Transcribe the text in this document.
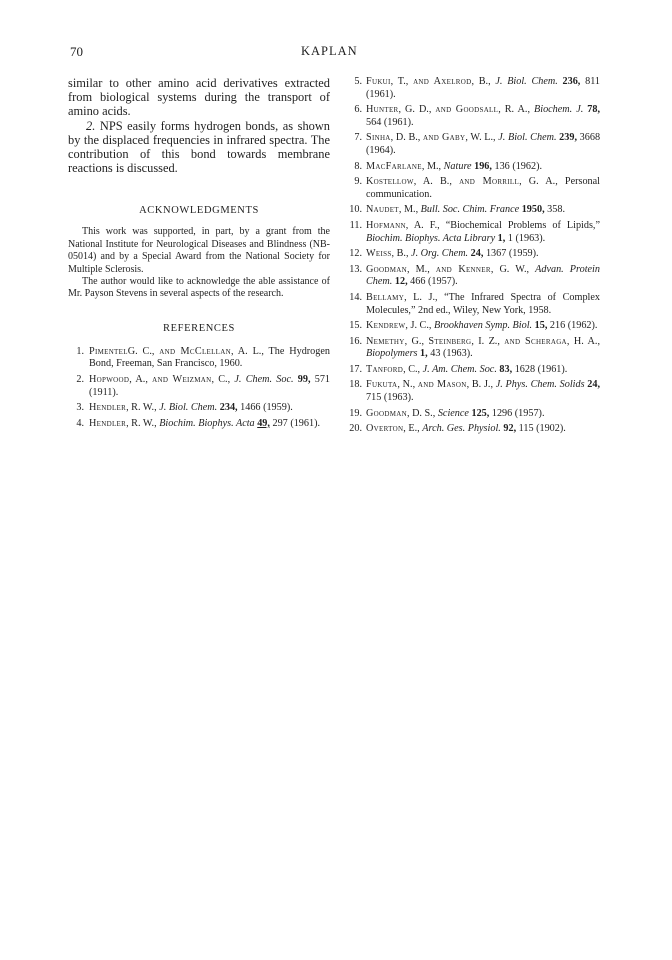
70	KAPLAN

similar to other amino acid derivatives extracted from biological systems during the transport of amino acids.

2. NPS easily forms hydrogen bonds, as shown by the displaced frequencies in infrared spectra. The contribution of this bond towards membrane reactions is discussed.

ACKNOWLEDGMENTS

This work was supported, in part, by a grant from the National Institute for Neurological Diseases and Blindness (NB-05014) and by a Special Award from the National Society for Multiple Sclerosis.

The author would like to acknowledge the able assistance of Mr. Payson Stevens in several aspects of the research.

REFERENCES
1. PimentelG. C., and McClellan, A. L., The Hydrogen Bond, Freeman, San Francisco, 1960.
2. Hopwood, A., and Weizman, C., J. Chem. Soc. 99, 571 (1911).
3. Hendler, R. W., J. Biol. Chem. 234, 1466 (1959).
4. Hendler, R. W., Biochim. Biophys. Acta 49, 297 (1961).
5. Fukui, T., and Axelrod, B., J. Biol. Chem. 236, 811 (1961).
6. Hunter, G. D., and Goodsall, R. A., Biochem. J. 78, 564 (1961).
7. Sinha, D. B., and Gaby, W. L., J. Biol. Chem. 239, 3668 (1964).
8. MacFarlane, M., Nature 196, 136 (1962).
9. Kostellow, A. B., and Morrill, G. A., Personal communication.
10. Naudet, M., Bull. Soc. Chim. France 1950, 358.
11. Hofmann, A. F., “Biochemical Problems of Lipids,” Biochim. Biophys. Acta Library 1, 1 (1963).
12. Weiss, B., J. Org. Chem. 24, 1367 (1959).
13. Goodman, M., and Kenner, G. W., Advan. Protein Chem. 12, 466 (1957).
14. Bellamy, L. J., “The Infrared Spectra of Complex Molecules,” 2nd ed., Wiley, New York, 1958.
15. Kendrew, J. C., Brookhaven Symp. Biol. 15, 216 (1962).
16. Nemethy, G., Steinberg, I. Z., and Scheraga, H. A., Biopolymers 1, 43 (1963).
17. Tanford, C., J. Am. Chem. Soc. 83, 1628 (1961).
18. Fukuta, N., and Mason, B. J., J. Phys. Chem. Solids 24, 715 (1963).
19. Goodman, D. S., Science 125, 1296 (1957).
20. Overton, E., Arch. Ges. Physiol. 92, 115 (1902).
